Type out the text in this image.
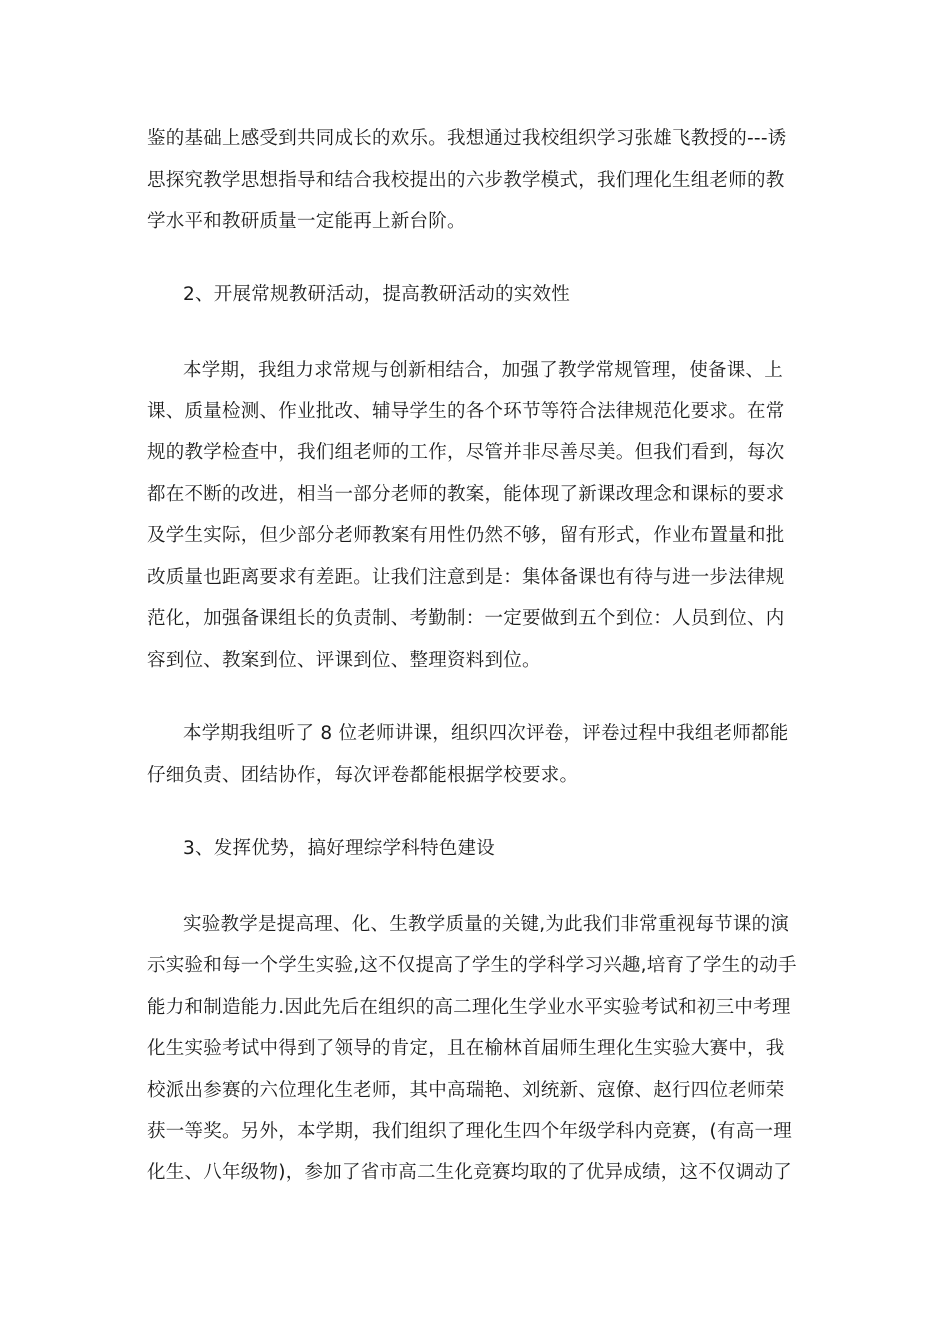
鉴的基础上感受到共同成长的欢乐。我想通过我校组织学习张雄飞教授的---诱
思探究教学思想指导和结合我校提出的六步教学模式，我们理化生组老师的教
学水平和教研质量一定能再上新台阶。
2、开展常规教研活动，提高教研活动的实效性
本学期，我组力求常规与创新相结合，加强了教学常规管理，使备课、上
课、质量检测、作业批改、辅导学生的各个环节等符合法律规范化要求。在常
规的教学检查中，我们组老师的工作，尽管并非尽善尽美。但我们看到，每次
都在不断的改进，相当一部分老师的教案，能体现了新课改理念和课标的要求
及学生实际，但少部分老师教案有用性仍然不够，留有形式，作业布置量和批
改质量也距离要求有差距。让我们注意到是：集体备课也有待与进一步法律规
范化，加强备课组长的负责制、考勤制：一定要做到五个到位：人员到位、内
容到位、教案到位、评课到位、整理资料到位。
本学期我组听了 8 位老师讲课，组织四次评卷，评卷过程中我组老师都能
仔细负责、团结协作，每次评卷都能根据学校要求。
3、发挥优势，搞好理综学科特色建设
实验教学是提高理、化、生教学质量的关键,为此我们非常重视每节课的演
示实验和每一个学生实验,这不仅提高了学生的学科学习兴趣,培育了学生的动手
能力和制造能力.因此先后在组织的高二理化生学业水平实验考试和初三中考理
化生实验考试中得到了领导的肯定，且在榆林首届师生理化生实验大赛中，我
校派出参赛的六位理化生老师，其中高瑞艳、刘统新、寇僚、赵行四位老师荣
获一等奖。另外，本学期，我们组织了理化生四个年级学科内竞赛，(有高一理
化生、八年级物)，参加了省市高二生化竞赛均取的了优异成绩，这不仅调动了
